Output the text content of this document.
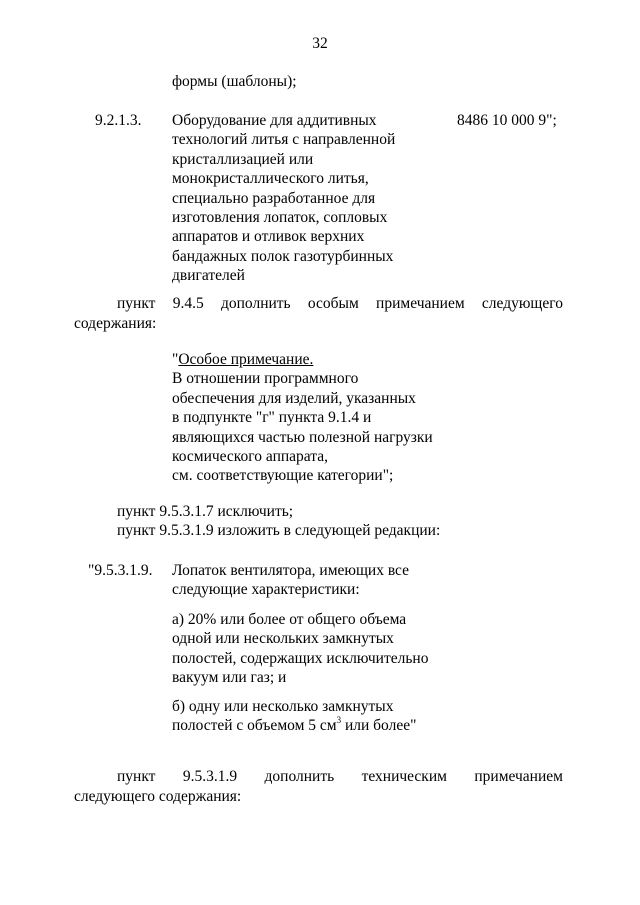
32
формы (шаблоны);
9.2.1.3. Оборудование для аддитивных
технологий литья с направленной
кристаллизацией или
монокристаллического литья,
специально разработанное для
изготовления лопаток, сопловых
аппаратов и отливок верхних
бандажных полок газотурбинных
двигателей
8486 10 000 9";
пункт 9.4.5 дополнить особым примечанием следующего
содержания:
"Особое примечание.
В отношении программного
обеспечения для изделий, указанных
в подпункте "г" пункта 9.1.4 и
являющихся частью полезной нагрузки
космического аппарата,
см. соответствующие категории";
пункт 9.5.3.1.7 исключить;
пункт 9.5.3.1.9 изложить в следующей редакции:
"9.5.3.1.9. Лопаток вентилятора, имеющих все
следующие характеристики:
а) 20% или более от общего объема
одной или нескольких замкнутых
полостей, содержащих исключительно
вакуум или газ; и
б) одну или несколько замкнутых
полостей с объемом 5 $см^3$ или более"
пункт 9.5.3.1.9 дополнить техническим примечанием
следующего содержания:
